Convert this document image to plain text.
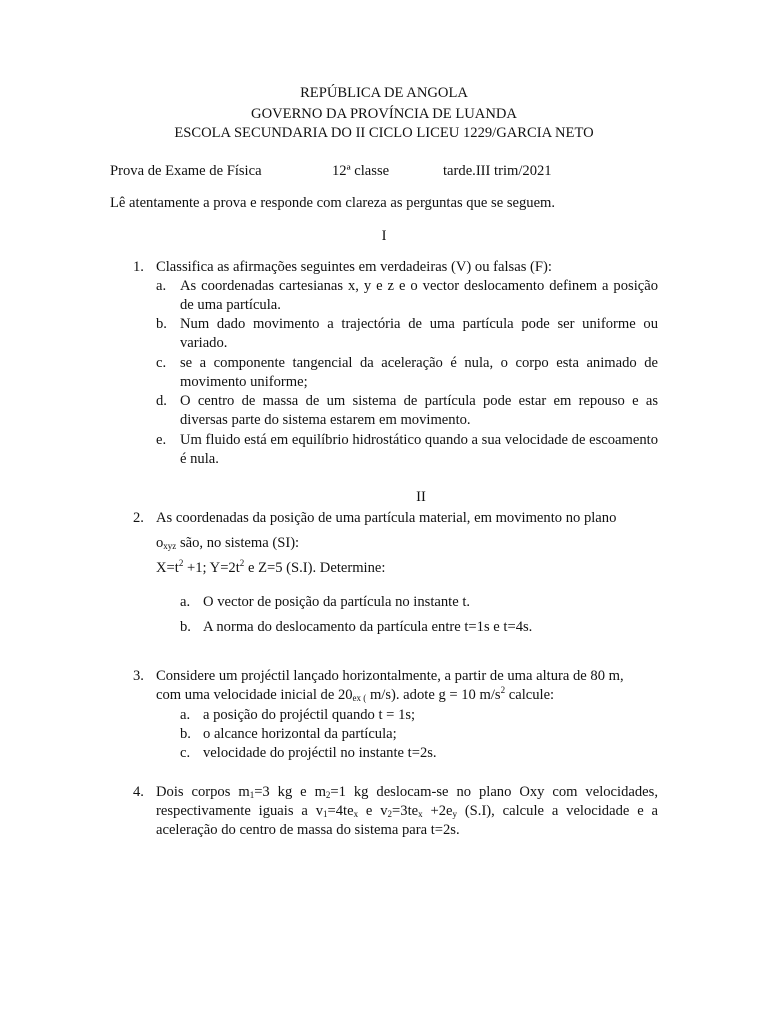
REPÚBLICA DE ANGOLA
GOVERNO DA PROVÍNCIA DE LUANDA
ESCOLA SECUNDARIA DO II CICLO LICEU 1229/GARCIA NETO
Prova de Exame de Física	12ª classe	tarde.III trim/2021
Lê atentamente a prova e responde com clareza as perguntas que se seguem.
I
1. Classifica as afirmações seguintes em verdadeiras (V) ou falsas (F):
a. As coordenadas cartesianas x, y e z e o vector deslocamento definem a posição de uma partícula.
b. Num dado movimento a trajectória de uma partícula pode ser uniforme ou variado.
c. se a componente tangencial da aceleração é nula, o corpo esta animado de movimento uniforme;
d. O centro de massa de um sistema de partícula pode estar em repouso e as diversas parte do sistema estarem em movimento.
e. Um fluido está em equilíbrio hidrostático quando a sua velocidade de escoamento é nula.
II
2. As coordenadas da posição de uma partícula material, em movimento no plano
$o_{xyz}$ são, no sistema (SI):
$X=t^2 +1$; $Y=2t^2$ e Z=5 (S.I). Determine:
a. O vector de posição da partícula no instante t.
b. A norma do deslocamento da partícula entre t=1s e t=4s.
3. Considere um projéctil lançado horizontalmente, a partir de uma altura de 80 m,
com uma velocidade inicial de $20_{ex (}$ m/s). adote g = 10 $m/s^2$ calcule:
a. a posição do projéctil quando t = 1s;
b. o alcance horizontal da partícula;
c. velocidade do projéctil no instante t=2s.
4. Dois corpos $m_1=3$ kg e $m_2=1$ kg deslocam-se no plano Oxy com velocidades,
respectivamente iguais a $v_1=4te_x$ e $v_2=3te_x +2e_y$ (S.I), calcule a velocidade e a
aceleração do centro de massa do sistema para t=2s.
